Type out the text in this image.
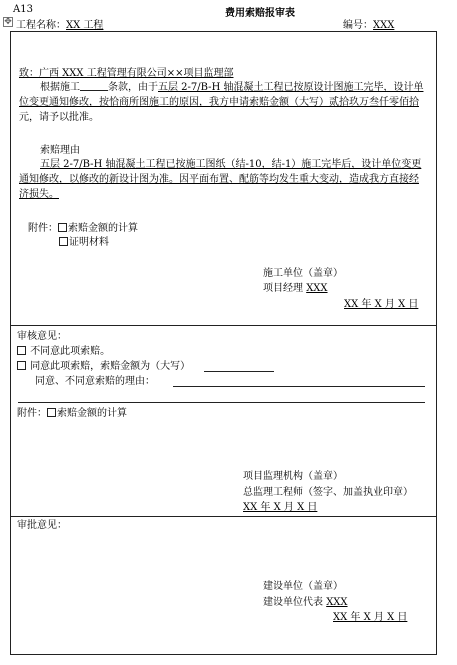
A13	费用索赔报审表
✥ 工程名称：XX 工程	编号：XXX
致：广西 XXX 工程管理有限公司××项目监理部
根据施工	条款，由于五层 2-7/B-H 轴混凝土工程已按原设计图施工完毕，设计单
位变更通知修改，按恰商所图施工的原因，我方申请索赔金额（大写）贰拾玖万叁仟零佰拾
元，请予以批准。
索赔理由
五层 2-7/B-H 轴混凝土工程已按施工图纸（结-10，结-1）施工完毕后，设计单位变更
通知修改，以修改的新设计图为准。因平面布置、配筋等均发生重大变动，造成我方直接经
济损失。
附件： 索赔金额的计算
证明材料
施工单位（盖章）
项目经理 XXX
XX 年 X 月 X 日
审核意见：
不同意此项索赔。
同意此项索赔，索赔金额为（大写）
同意、不同意索赔的理由：
附件： 索赔金额的计算
项目监理机构（盖章）
总监理工程师（签字、加盖执业印章）
XX 年 X 月 X 日
审批意见：
建设单位（盖章）
建设单位代表 XXX
XX 年 X 月 X 日
